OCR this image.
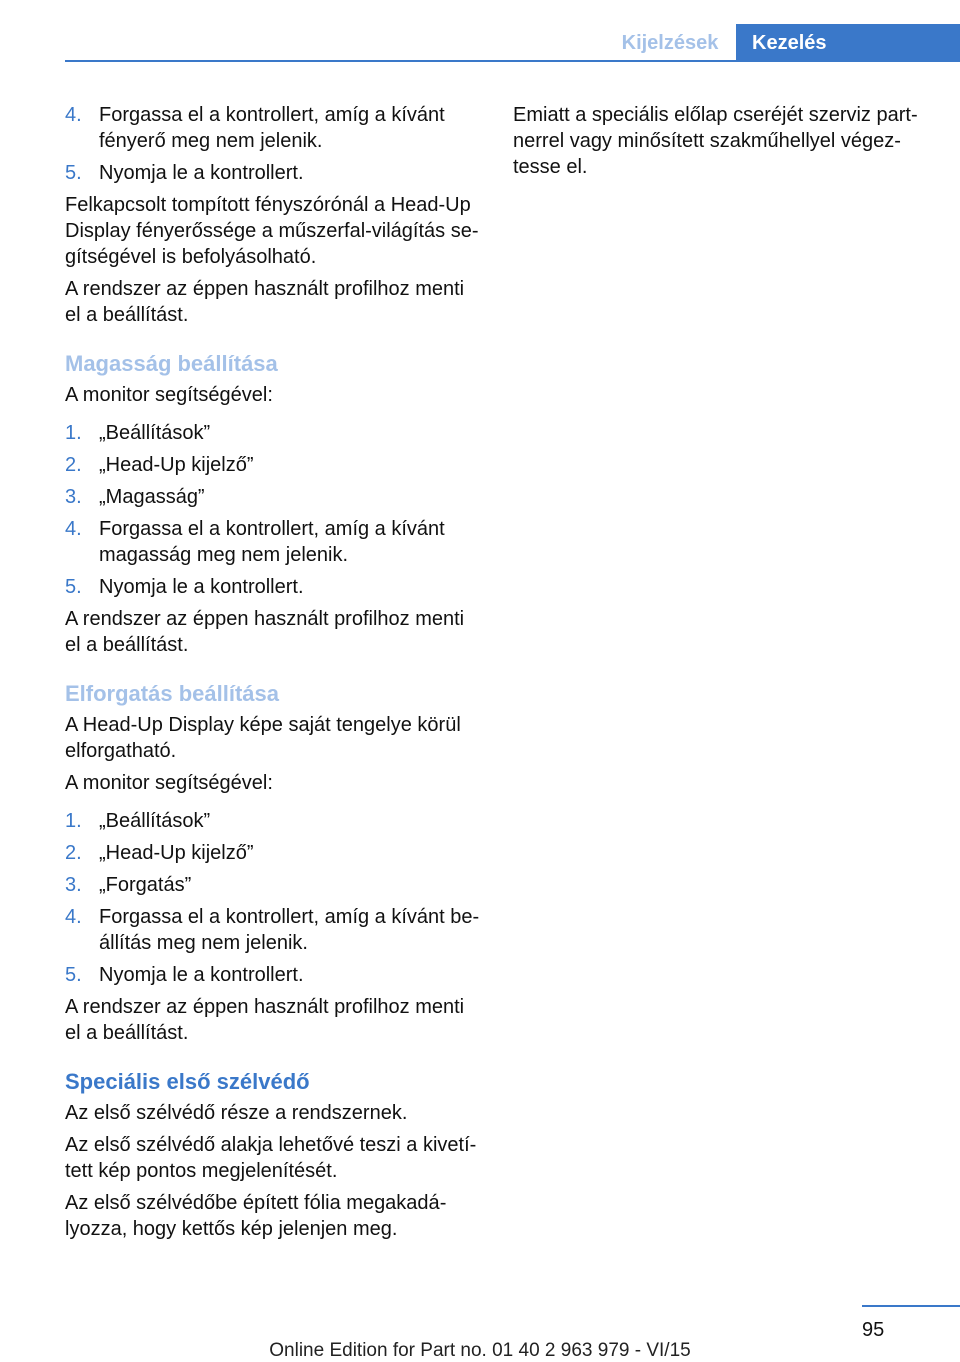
Kijelzések	Kezelés
4. Forgassa el a kontrollert, amíg a kívánt fényerő meg nem jelenik.
5. Nyomja le a kontrollert.

Felkapcsolt tompított fényszórónál a Head-Up Display fényerőssége a műszerfal-világítás segítségével is befolyásolható.

A rendszer az éppen használt profilhoz menti el a beállítást.

Magasság beállítása

A monitor segítségével:

1. „Beállítások”
2. „Head-Up kijelző”
3. „Magasság”
4. Forgassa el a kontrollert, amíg a kívánt magasság meg nem jelenik.
5. Nyomja le a kontrollert.

A rendszer az éppen használt profilhoz menti el a beállítást.

Elforgatás beállítása

A Head-Up Display képe saját tengelye körül elforgatható.

A monitor segítségével:

1. „Beállítások”
2. „Head-Up kijelző”
3. „Forgatás”
4. Forgassa el a kontrollert, amíg a kívánt beállítás meg nem jelenik.
5. Nyomja le a kontrollert.

A rendszer az éppen használt profilhoz menti el a beállítást.

Speciális első szélvédő

Az első szélvédő része a rendszernek.

Az első szélvédő alakja lehetővé teszi a kivetített kép pontos megjelenítését.

Az első szélvédőbe épített fólia megakadályozza, hogy kettős kép jelenjen meg.

Emiatt a speciális előlap cseréjét szerviz partnerrel vagy minősített szakműhellyel végeztesse el.

95
Online Edition for Part no. 01 40 2 963 979 - VI/15
